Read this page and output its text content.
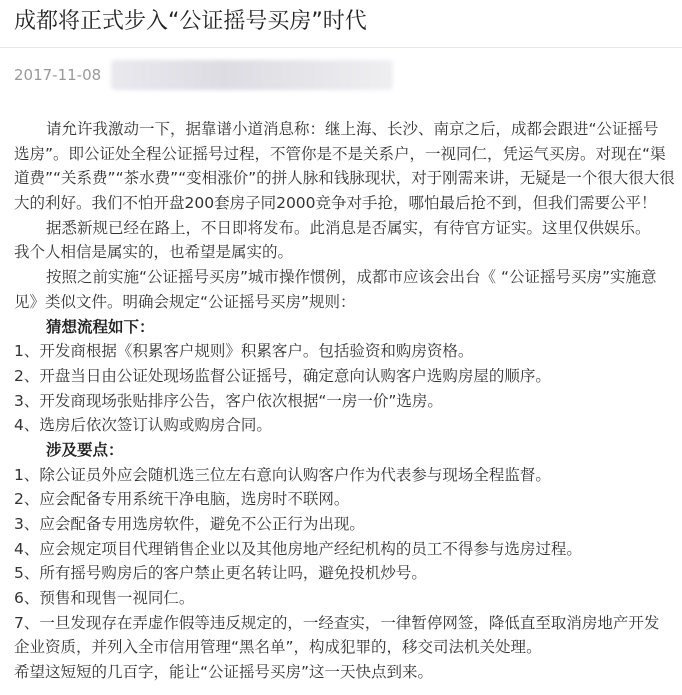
成都将正式步入“公证摇号买房”时代
2017-11-08
请允许我激动一下，据靠谱小道消息称：继上海、长沙、南京之后，成都会跟进“公证摇号
选房”。即公证处全程公证摇号过程，不管你是不是关系户，一视同仁，凭运气买房。对现在“渠
道费”“关系费”“茶水费”“变相涨价”的拼人脉和钱脉现状，对于刚需来讲，无疑是一个很大很大很
大的利好。我们不怕开盘200套房子同2000竞争对手抢，哪怕最后抢不到，但我们需要公平！
据悉新规已经在路上，不日即将发布。此消息是否属实，有待官方证实。这里仅供娱乐。
我个人相信是属实的，也希望是属实的。
按照之前实施“公证摇号买房”城市操作惯例，成都市应该会出台《 “公证摇号买房”实施意
见》类似文件。明确会规定“公证摇号买房”规则：
猜想流程如下：
1、开发商根据《积累客户规则》积累客户。包括验资和购房资格。
2、开盘当日由公证处现场监督公证摇号，确定意向认购客户选购房屋的顺序。
3、开发商现场张贴排序公告，客户依次根据“一房一价”选房。
4、选房后依次签订认购或购房合同。
涉及要点：
1、除公证员外应会随机选三位左右意向认购客户作为代表参与现场全程监督。
2、应会配备专用系统干净电脑，选房时不联网。
3、应会配备专用选房软件，避免不公正行为出现。
4、应会规定项目代理销售企业以及其他房地产经纪机构的员工不得参与选房过程。
5、所有摇号购房后的客户禁止更名转让吗，避免投机炒号。
6、预售和现售一视同仁。
7、一旦发现存在弄虚作假等违反规定的，一经查实，一律暂停网签，降低直至取消房地产开发
企业资质，并列入全市信用管理“黑名单”，构成犯罪的，移交司法机关处理。
希望这短短的几百字，能让“公证摇号买房”这一天快点到来。
